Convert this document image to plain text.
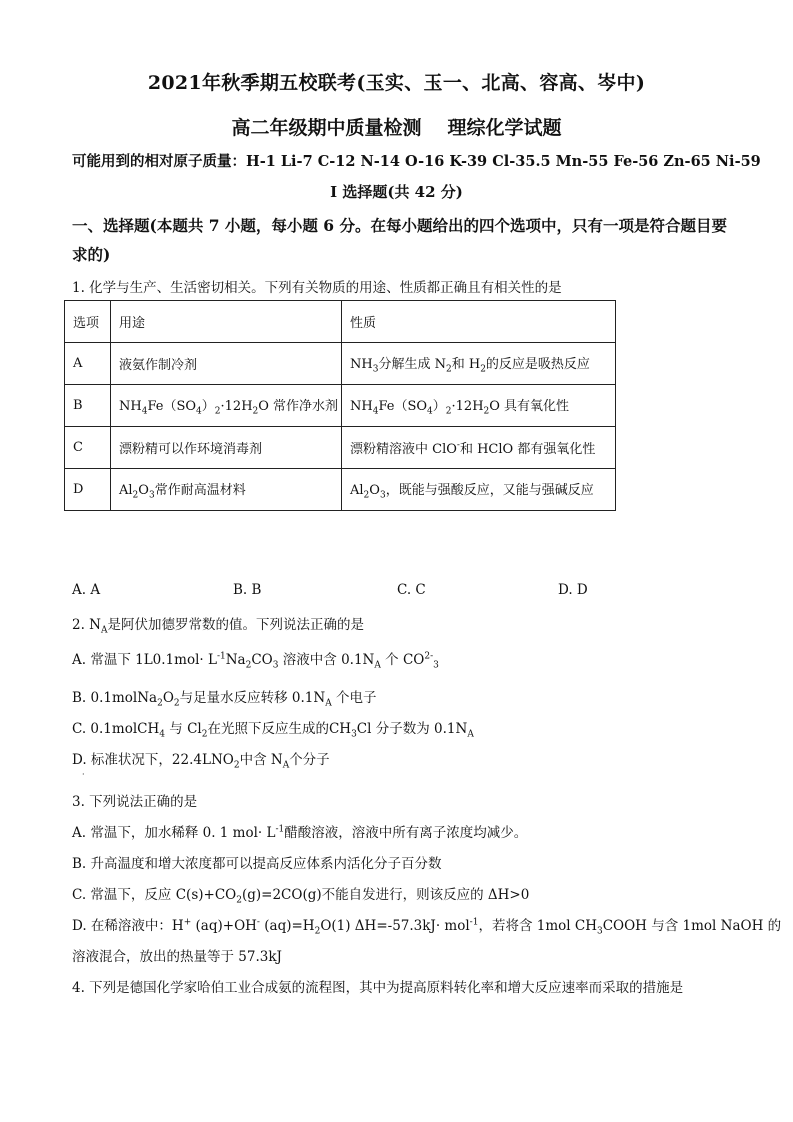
2021年秋季期五校联考(玉实、玉一、北高、容高、岑中)
高二年级期中质量检测 理综化学试题
可能用到的相对原子质量：H-1 Li-7 C-12 N-14 O-16 K-39 Cl-35.5 Mn-55 Fe-56 Zn-65 Ni-59
I 选择题(共 42 分)
一、选择题(本题共 7 小题，每小题 6 分。在每小题给出的四个选项中，只有一项是符合题目要求的)
1. 化学与生产、生活密切相关。下列有关物质的用途、性质都正确且有相关性的是
选项	用途	性质
A	液氨作制冷剂	$NH_3$分解生成 $N_2$和 $H_2$的反应是吸热反应
B	$NH_4Fe(SO_4)_2\cdot 12H_2O$ 常作净水剂	$NH_4Fe(SO_4)_2\cdot 12H_2O$ 具有氧化性
C	漂粉精可以作环境消毒剂	漂粉精溶液中 ClO-和 HClO 都有强氧化性
D	$Al_2O_3$常作耐高温材料	$Al_2O_3$，既能与强酸反应，又能与强碱反应
A. A	B. B	C. C	D. D
2. $N_A$是阿伏加德罗常数的值。下列说法正确的是
A. 常温下 $1L0.1mol\cdot L^{-1}Na_2CO_3$ 溶液中含 $0.1N_A$ 个 $CO^{2-}_3$
B. $0.1molNa_2O_2$与足量水反应转移 $0.1N_A$ 个电子
C. 0.1molCH$_4$ 与 $Cl_2$在光照下反应生成的$CH_3Cl$ 分子数为 $0.1N_A$
D. 标准状况下，$22.4LNO_2$中含 $N_A$个分子
·
3. 下列说法正确的是
A. 常温下，加水稀释 0. 1 $mol\cdot L^{-1}$醋酸溶液，溶液中所有离子浓度均减少。
B. 升高温度和增大浓度都可以提高反应体系内活化分子百分数
C. 常温下，反应 $C(s)+CO_2(g)=2CO(g)$不能自发进行，则该反应的 ΔH>0
D. 在稀溶液中：H+ (aq)+OH- $(aq)=H_2O(1)$ ΔH=-57.3kJ· mol$^{-1}$，若将含 1mol $CH_3COOH$ 与含 1mol NaOH 的
溶液混合，放出的热量等于 57.3kJ
4. 下列是德国化学家哈伯工业合成氨的流程图，其中为提高原料转化率和增大反应速率而采取的措施是
